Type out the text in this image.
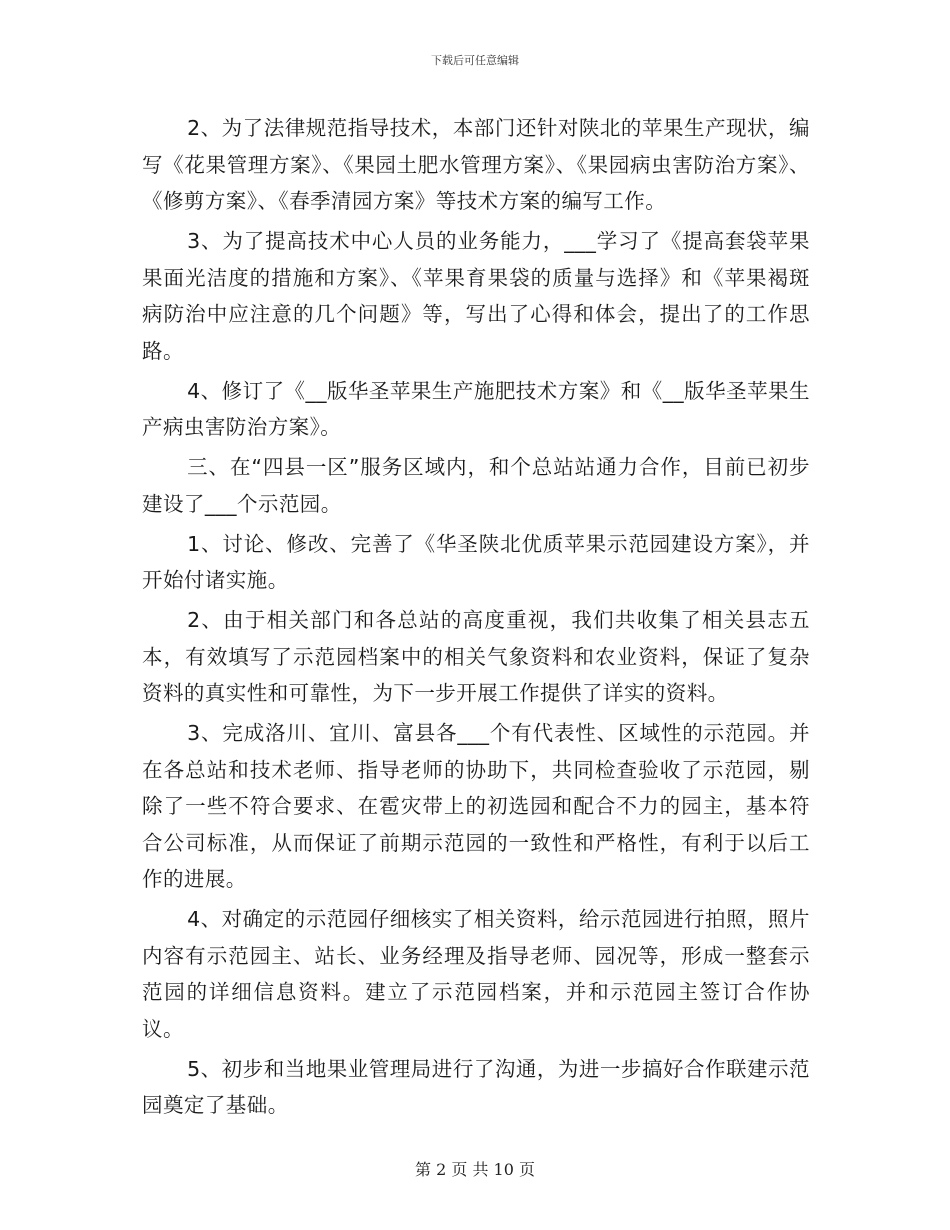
下载后可任意编辑

2、为了法律规范指导技术，本部门还针对陕北的苹果生产现状，编写《花果管理方案》、《果园土肥水管理方案》、《果园病虫害防治方案》、《修剪方案》、《春季清园方案》等技术方案的编写工作。

3、为了提高技术中心人员的业务能力，___学习了《提高套袋苹果果面光洁度的措施和方案》、《苹果育果袋的质量与选择》和《苹果褐斑病防治中应注意的几个问题》等，写出了心得和体会，提出了的工作思路。

4、修订了《__版华圣苹果生产施肥技术方案》和《__版华圣苹果生产病虫害防治方案》。

三、在“四县一区”服务区域内，和个总站站通力合作，目前已初步建设了___个示范园。

1、讨论、修改、完善了《华圣陕北优质苹果示范园建设方案》，并开始付诸实施。

2、由于相关部门和各总站的高度重视，我们共收集了相关县志五本，有效填写了示范园档案中的相关气象资料和农业资料，保证了复杂资料的真实性和可靠性，为下一步开展工作提供了详实的资料。

3、完成洛川、宜川、富县各___个有代表性、区域性的示范园。并在各总站和技术老师、指导老师的协助下，共同检查验收了示范园，剔除了一些不符合要求、在雹灾带上的初选园和配合不力的园主，基本符合公司标准，从而保证了前期示范园的一致性和严格性，有利于以后工作的进展。

4、对确定的示范园仔细核实了相关资料，给示范园进行拍照，照片内容有示范园主、站长、业务经理及指导老师、园况等，形成一整套示范园的详细信息资料。建立了示范园档案，并和示范园主签订合作协议。

5、初步和当地果业管理局进行了沟通，为进一步搞好合作联建示范园奠定了基础。

第 2 页 共 10 页
